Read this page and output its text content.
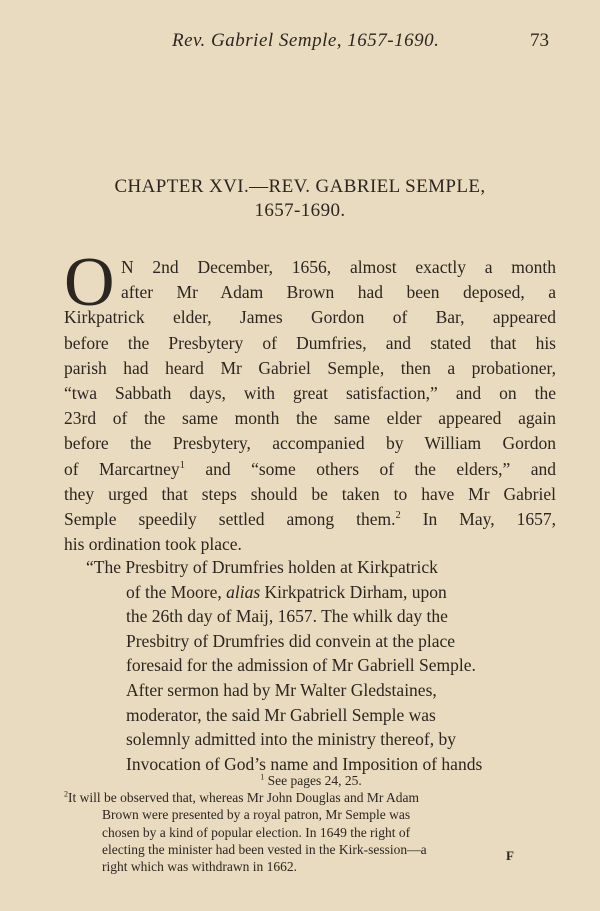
Rev. Gabriel Semple, 1657-1690.	73
CHAPTER XVI.—REV. GABRIEL SEMPLE,
1657-1690.
O N 2nd December, 1656, almost exactly a month
after Mr Adam Brown had been deposed, a
Kirkpatrick elder, James Gordon of Bar, appeared
before the Presbytery of Dumfries, and stated that his
parish had heard Mr Gabriel Semple, then a probationer,
“twa Sabbath days, with great satisfaction,” and on the
23rd of the same month the same elder appeared again
before the Presbytery, accompanied by William Gordon
of Marcartney$^1$ and “some others of the elders,” and
they urged that steps should be taken to have Mr Gabriel
Semple speedily settled among them.$^2$ In May, 1657,
his ordination took place.
“The Presbitry of Drumfries holden at Kirkpatrick
of the Moore, alias Kirkpatrick Dirham, upon
the 26th day of Maij, 1657. The whilk day the
Presbitry of Drumfries did convein at the place
foresaid for the admission of Mr Gabriell Semple.
After sermon had by Mr Walter Gledstaines,
moderator, the said Mr Gabriell Semple was
solemnly admitted into the ministry thereof, by
Invocation of God’s name and Imposition of hands
$^1$ See pages 24, 25.
$^2$It will be observed that, whereas Mr John Douglas and Mr Adam
Brown were presented by a royal patron, Mr Semple was
chosen by a kind of popular election. In 1649 the right of
electing the minister had been vested in the Kirk-session—a
right which was withdrawn in 1662.
F
